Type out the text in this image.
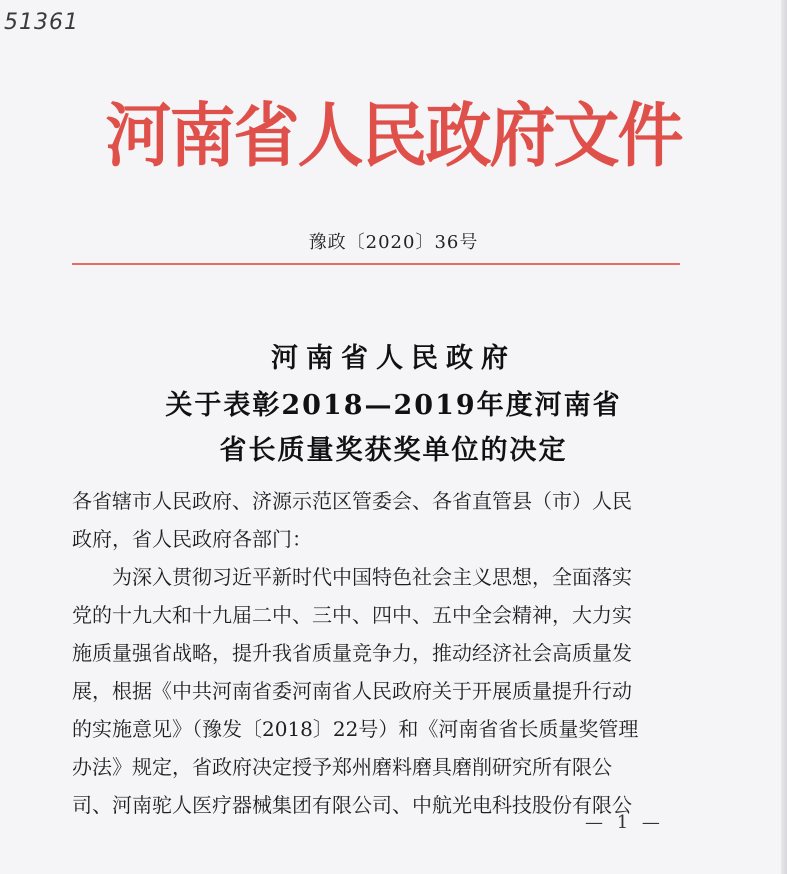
51361
河南省人民政府文件
豫政〔2020〕36号
河南省人民政府
关于表彰2018—2019年度河南省
省长质量奖获奖单位的决定

各省辖市人民政府、济源示范区管委会、各省直管县（市）人民

政府，省人民政府各部门：

为深入贯彻习近平新时代中国特色社会主义思想，全面落实

党的十九大和十九届二中、三中、四中、五中全会精神，大力实

施质量强省战略，提升我省质量竞争力，推动经济社会高质量发

展，根据《中共河南省委河南省人民政府关于开展质量提升行动

的实施意见》（豫发〔2018〕22号）和《河南省省长质量奖管理

办法》规定，省政府决定授予郑州磨料磨具磨削研究所有限公

司、河南驼人医疗器械集团有限公司、中航光电科技股份有限公

— 1 —
